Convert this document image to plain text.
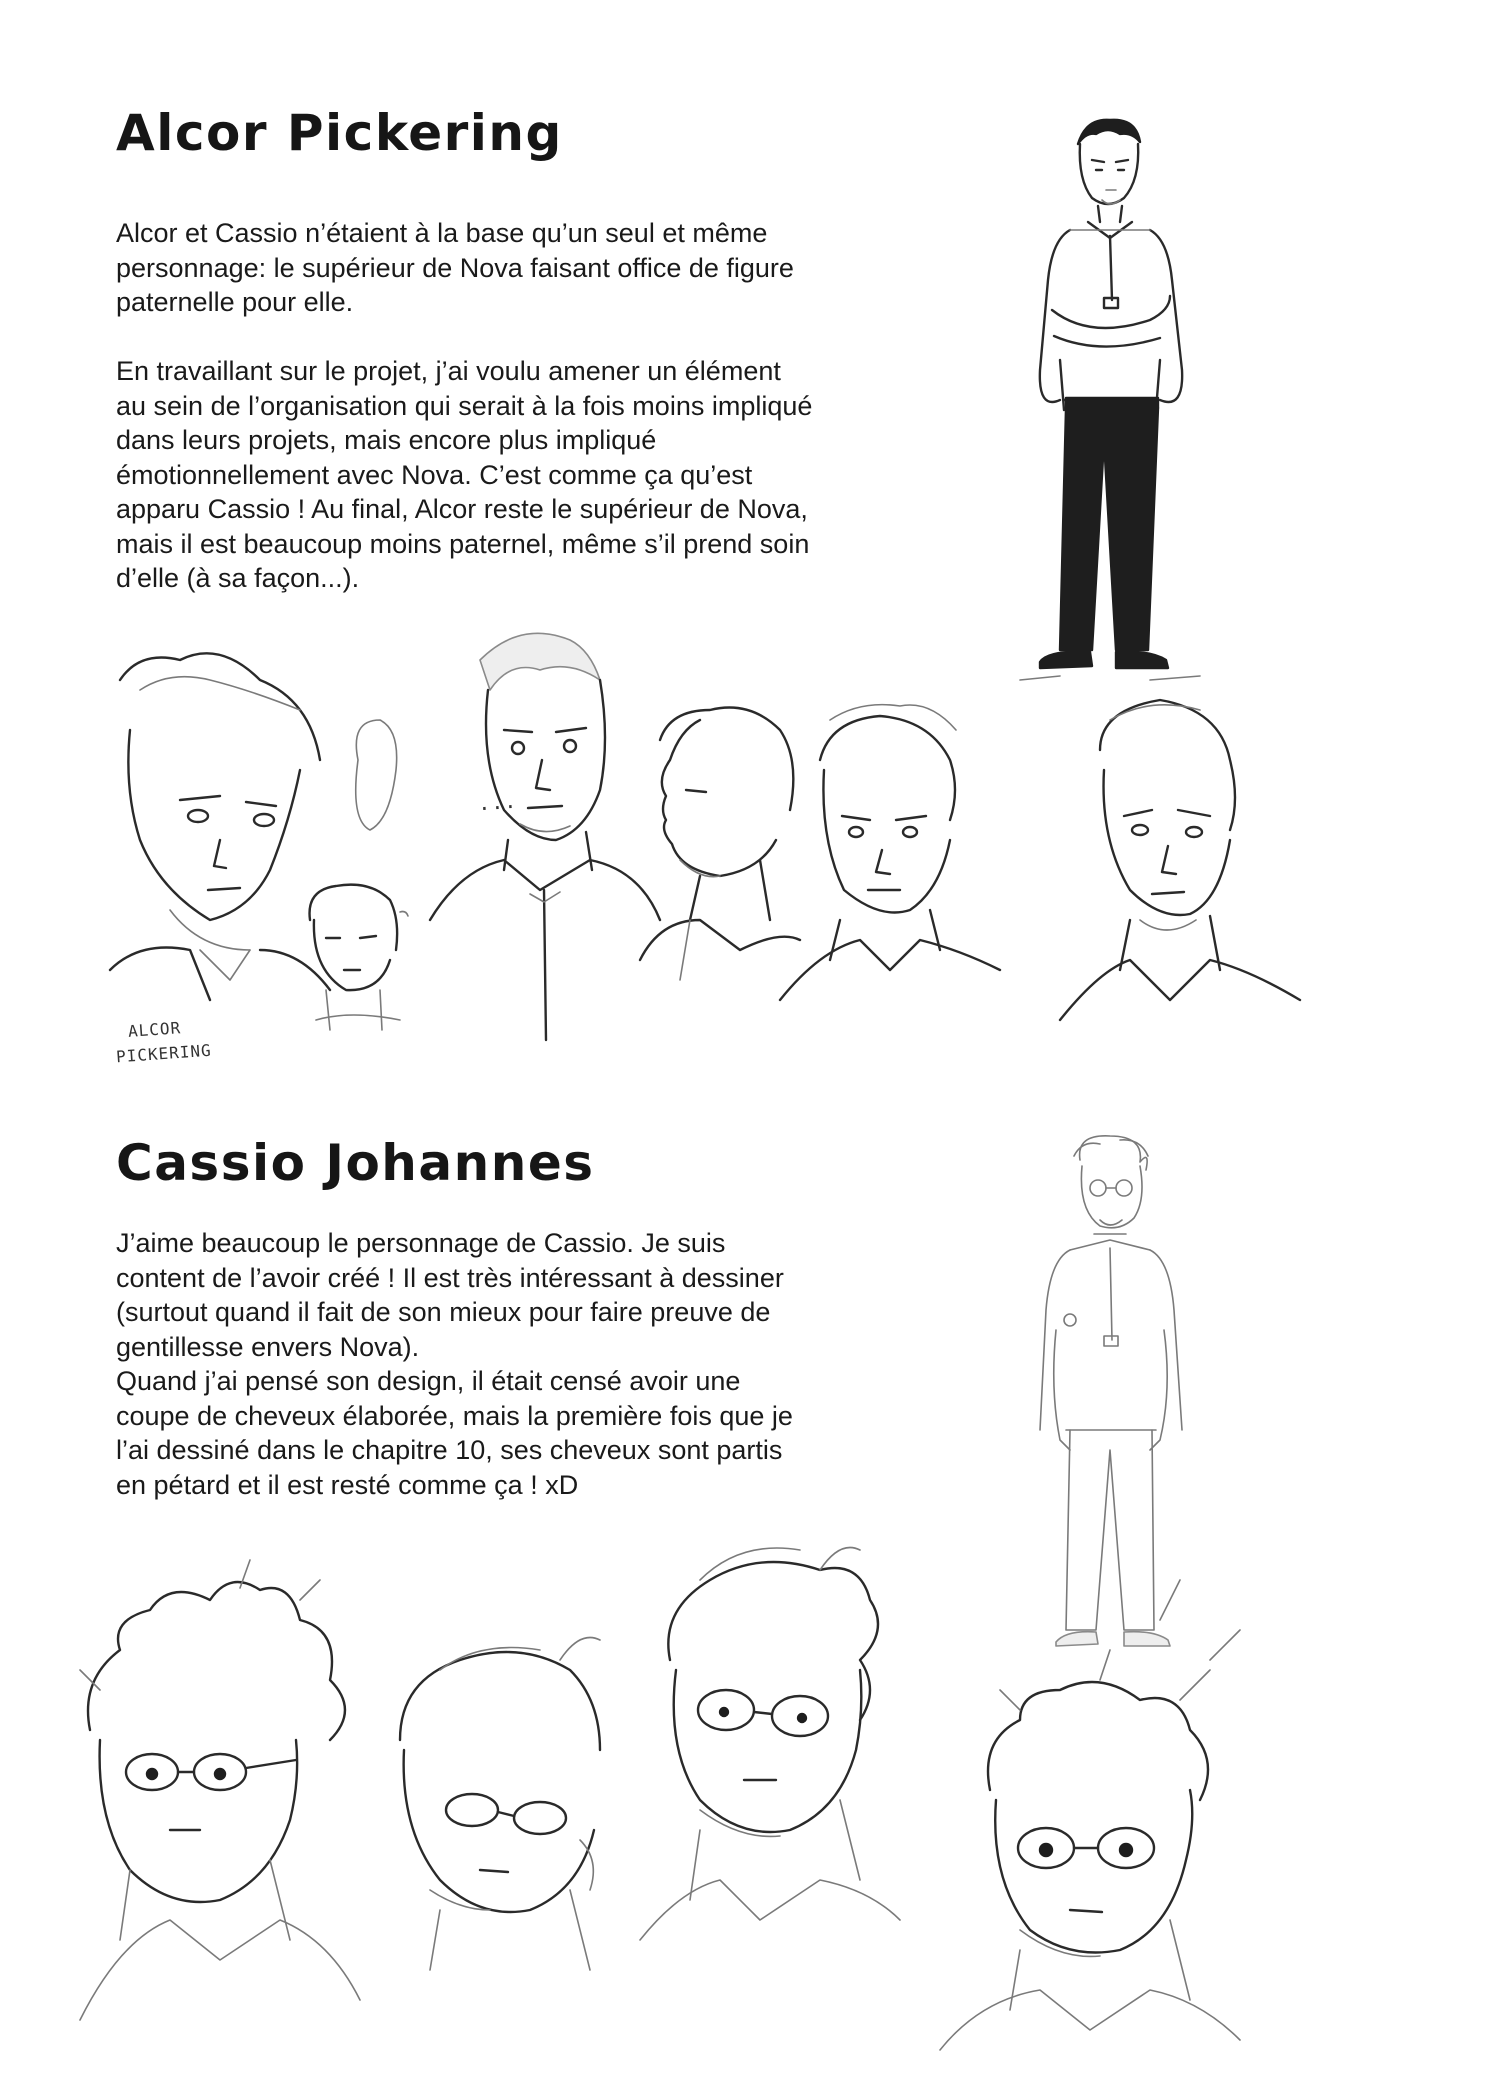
Alcor Pickering

Alcor et Cassio n’étaient à la base qu’un seul et même

personnage: le supérieur de Nova faisant office de figure

paternelle pour elle.

En travaillant sur le projet, j’ai voulu amener un élément

au sein de l’organisation qui serait à la fois moins impliqué

dans leurs projets, mais encore plus impliqué

émotionnellement avec Nova. C’est comme ça qu’est

apparu Cassio ! Au final, Alcor reste le supérieur de Nova,

mais il est beaucoup moins paternel, même s’il prend soin

d’elle (à sa façon...).

ALCOR
PICKERING
...
Cassio Johannes

J’aime beaucoup le personnage de Cassio. Je suis

content de l’avoir créé ! Il est très intéressant à dessiner

(surtout quand il fait de son mieux pour faire preuve de

gentillesse envers Nova).

Quand j’ai pensé son design, il était censé avoir une

coupe de cheveux élaborée, mais la première fois que je

l’ai dessiné dans le chapitre 10, ses cheveux sont partis

en pétard et il est resté comme ça ! xD
